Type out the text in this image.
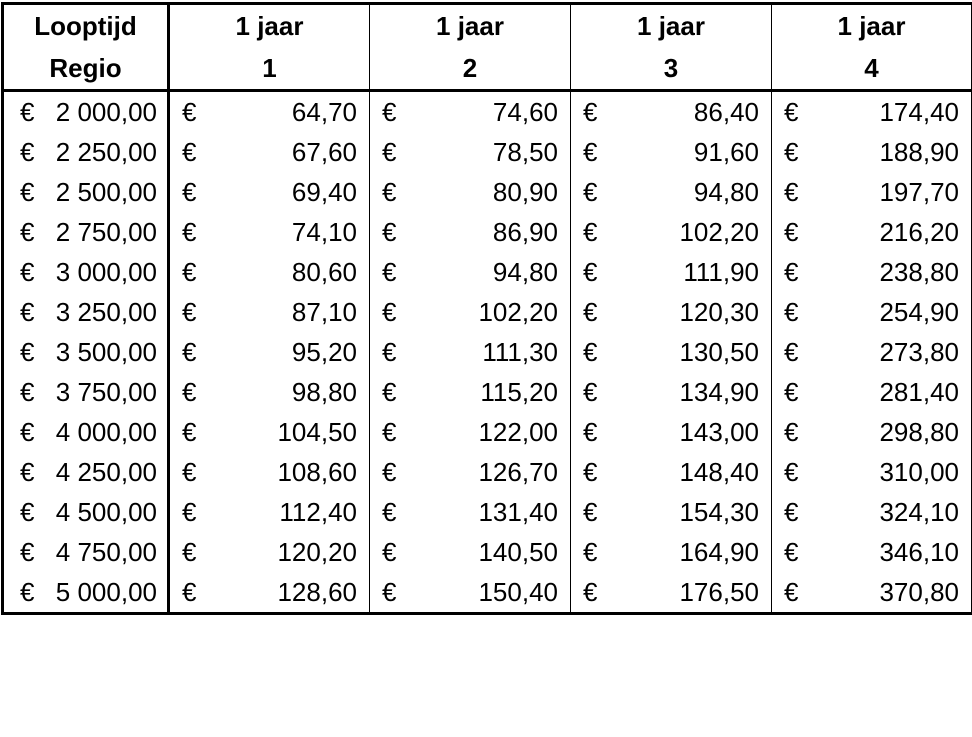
Looptijd	1 jaar	1 jaar	1 jaar	1 jaar
Regio	1	2	3	4

€ 2 000,00	€ 64,70	€ 74,60	€ 86,40	€ 174,40

€ 2 250,00	€ 67,60	€ 78,50	€ 91,60	€ 188,90

€ 2 500,00	€ 69,40	€ 80,90	€ 94,80	€ 197,70

€ 2 750,00	€ 74,10	€ 86,90	€ 102,20	€ 216,20

€ 3 000,00	€ 80,60	€ 94,80	€ 111,90	€ 238,80

€ 3 250,00	€ 87,10	€ 102,20	€ 120,30	€ 254,90

€ 3 500,00	€ 95,20	€ 111,30	€ 130,50	€ 273,80

€ 3 750,00	€ 98,80	€ 115,20	€ 134,90	€ 281,40

€ 4 000,00	€ 104,50	€ 122,00	€ 143,00	€ 298,80

€ 4 250,00	€ 108,60	€ 126,70	€ 148,40	€ 310,00

€ 4 500,00	€ 112,40	€ 131,40	€ 154,30	€ 324,10

€ 4 750,00	€ 120,20	€ 140,50	€ 164,90	€ 346,10

€ 5 000,00	€ 128,60	€ 150,40	€ 176,50	€ 370,80
